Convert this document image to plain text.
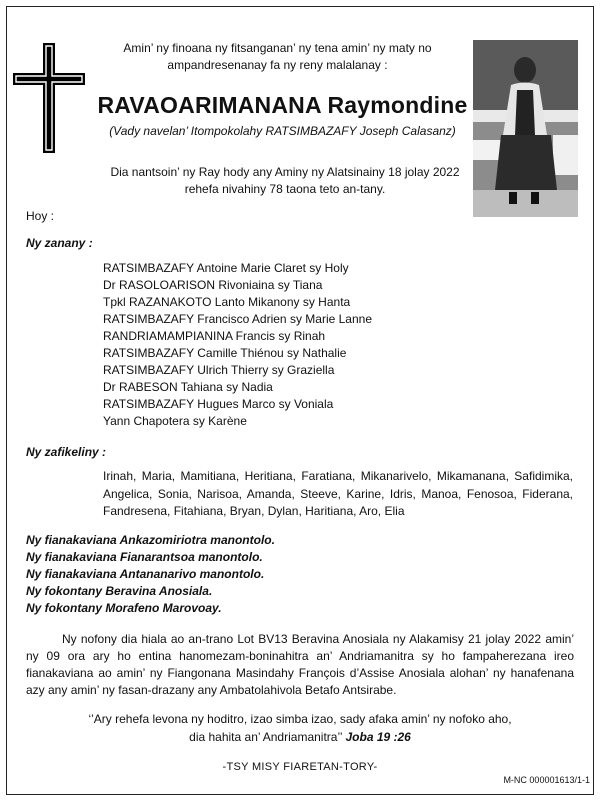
Amin’ ny finoana ny fitsanganan’ ny tena amin’ ny maty no
ampandresenanay fa ny reny malalanay :
RAVAOARIMANANA Raymondine
(Vady navelan’ Itompokolahy RATSIMBAZAFY Joseph Calasanz)
Dia nantsoin’ ny Ray hody any Aminy ny Alatsinainy 18 jolay 2022
rehefa nivahiny 78 taona teto an-tany.
Hoy :
Ny zanany :
RATSIMBAZAFY Antoine Marie Claret sy Holy
Dr RASOLOARISON Rivoniaina sy Tiana
Tpkl RAZANAKOTO Lanto Mikanony sy Hanta
RATSIMBAZAFY Francisco Adrien sy Marie Lanne
RANDRIAMAMPIANINA Francis sy Rinah
RATSIMBAZAFY Camille Thiénou sy Nathalie
RATSIMBAZAFY Ulrich Thierry sy Graziella
Dr RABESON Tahiana sy Nadia
RATSIMBAZAFY Hugues Marco sy Voniala
Yann Chapotera sy Karène
Ny zafikeliny :
Irinah, Maria, Mamitiana, Heritiana, Faratiana, Mikanarivelo, Mikamanana, Safidimika, Angelica, Sonia, Narisoa, Amanda, Steeve, Karine, Idris, Manoa, Fenosoa, Fiderana, Fandresena, Fitahiana, Bryan, Dylan, Haritiana, Aro, Elia
Ny fianakaviana Ankazomiriotra manontolo.
Ny fianakaviana Fianarantsoa manontolo.
Ny fianakaviana Antananarivo manontolo.
Ny fokontany Beravina Anosiala.
Ny fokontany Morafeno Marovoay.
Ny nofony dia hiala ao an-trano Lot BV13 Beravina Anosiala ny Alakamisy 21 jolay 2022 amin’ ny 09 ora ary ho entina hanomezam-boninahitra an’ Andriamanitra sy ho fampaherezana ireo fianakaviana ao amin’ ny Fiangonana Masindahy François d’Assise Anosiala alohan’ ny hanafenana azy any amin’ ny fasan-drazany any Ambatolahivola Betafo Antsirabe.
‘’Ary rehefa levona ny hoditro, izao simba izao, sady afaka amin’ ny nofoko aho,
dia hahita an’ Andriamanitra’’ Joba 19 :26
-TSY MISY FIARETAN-TORY-
M-NC 000001613/1-1
